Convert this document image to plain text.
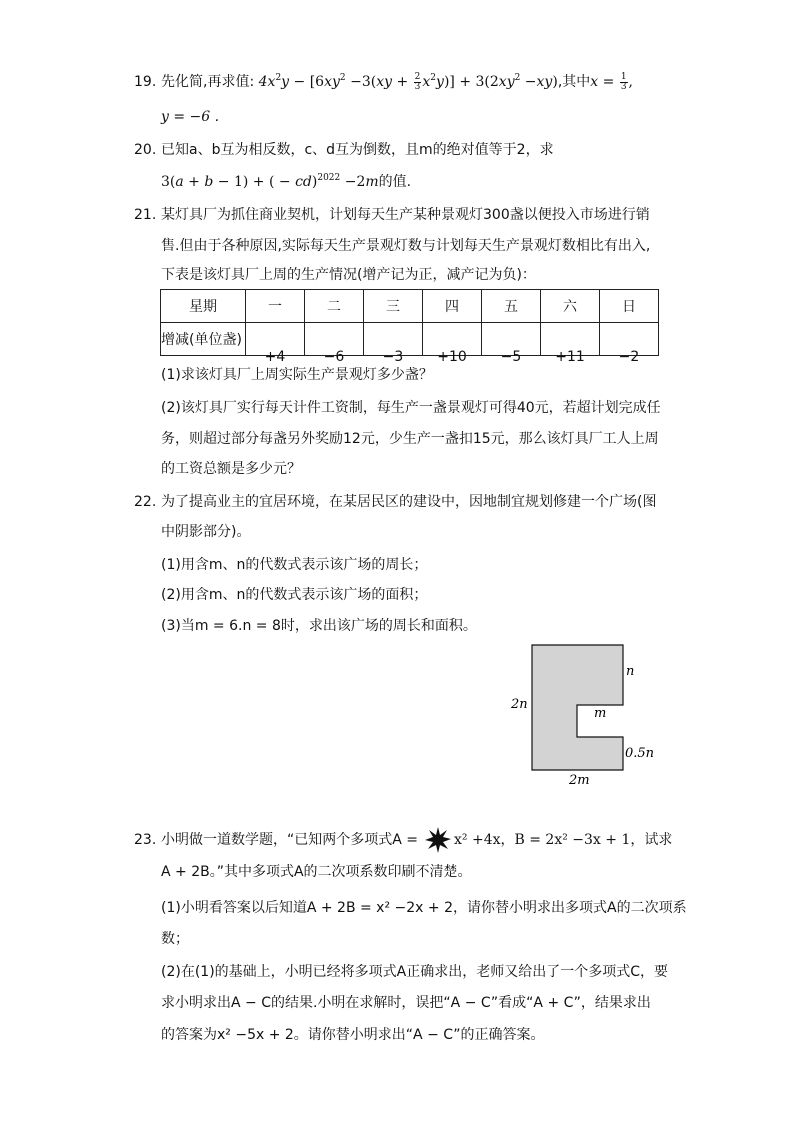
19. 先化简,再求值: $4x^2y - [6xy^2 -3(xy + \frac{2}{3} x^2y)] + 3(2xy^2 -xy)$,其中$x = \frac{1}{3}$ ,
y = −6 .
20. 已知a、b互为相反数，c、d互为倒数，且m的绝对值等于2，求
3(a + b − 1) + ( − cd)$^{2022}$ −2m的值.
21. 某灯具厂为抓住商业契机，计划每天生产某种景观灯300盏以便投入市场进行销
售.但由于各种原因,实际每天生产景观灯数与计划每天生产景观灯数相比有出入,
下表是该灯具厂上周的生产情况(增产记为正，减产记为负)：
星期	一	二	三	四	五	六	日
增减(单位盏)	+4	−6	−3	+10	−5	+11	−2
(1)求该灯具厂上周实际生产景观灯多少盏？
(2)该灯具厂实行每天计件工资制，每生产一盏景观灯可得40元，若超计划完成任
务，则超过部分每盏另外奖励12元，少生产一盏扣15元，那么该灯具厂工人上周
的工资总额是多少元？
22. 为了提高业主的宜居环境，在某居民区的建设中，因地制宜规划修建一个广场(图
中阴影部分)。
(1)用含m、n的代数式表示该广场的周长；
(2)用含m、n的代数式表示该广场的面积；
(3)当m = 6.n = 8时，求出该广场的周长和面积。
2n
n
m
0.5n
2m
23. 小明做一道数学题，“已知两个多项式A =	x² +4x，B = 2x² −3x + 1，试求
A + 2B。”其中多项式A的二次项系数印刷不清楚。
(1)小明看答案以后知道A + 2B = x² −2x + 2，请你替小明求出多项式A的二次项系
数；
(2)在(1)的基础上，小明已经将多项式A正确求出，老师又给出了一个多项式C，要
求小明求出A − C的结果.小明在求解时，误把“A − C”看成“A + C”，结果求出
的答案为x² −5x + 2。请你替小明求出“A − C”的正确答案。
